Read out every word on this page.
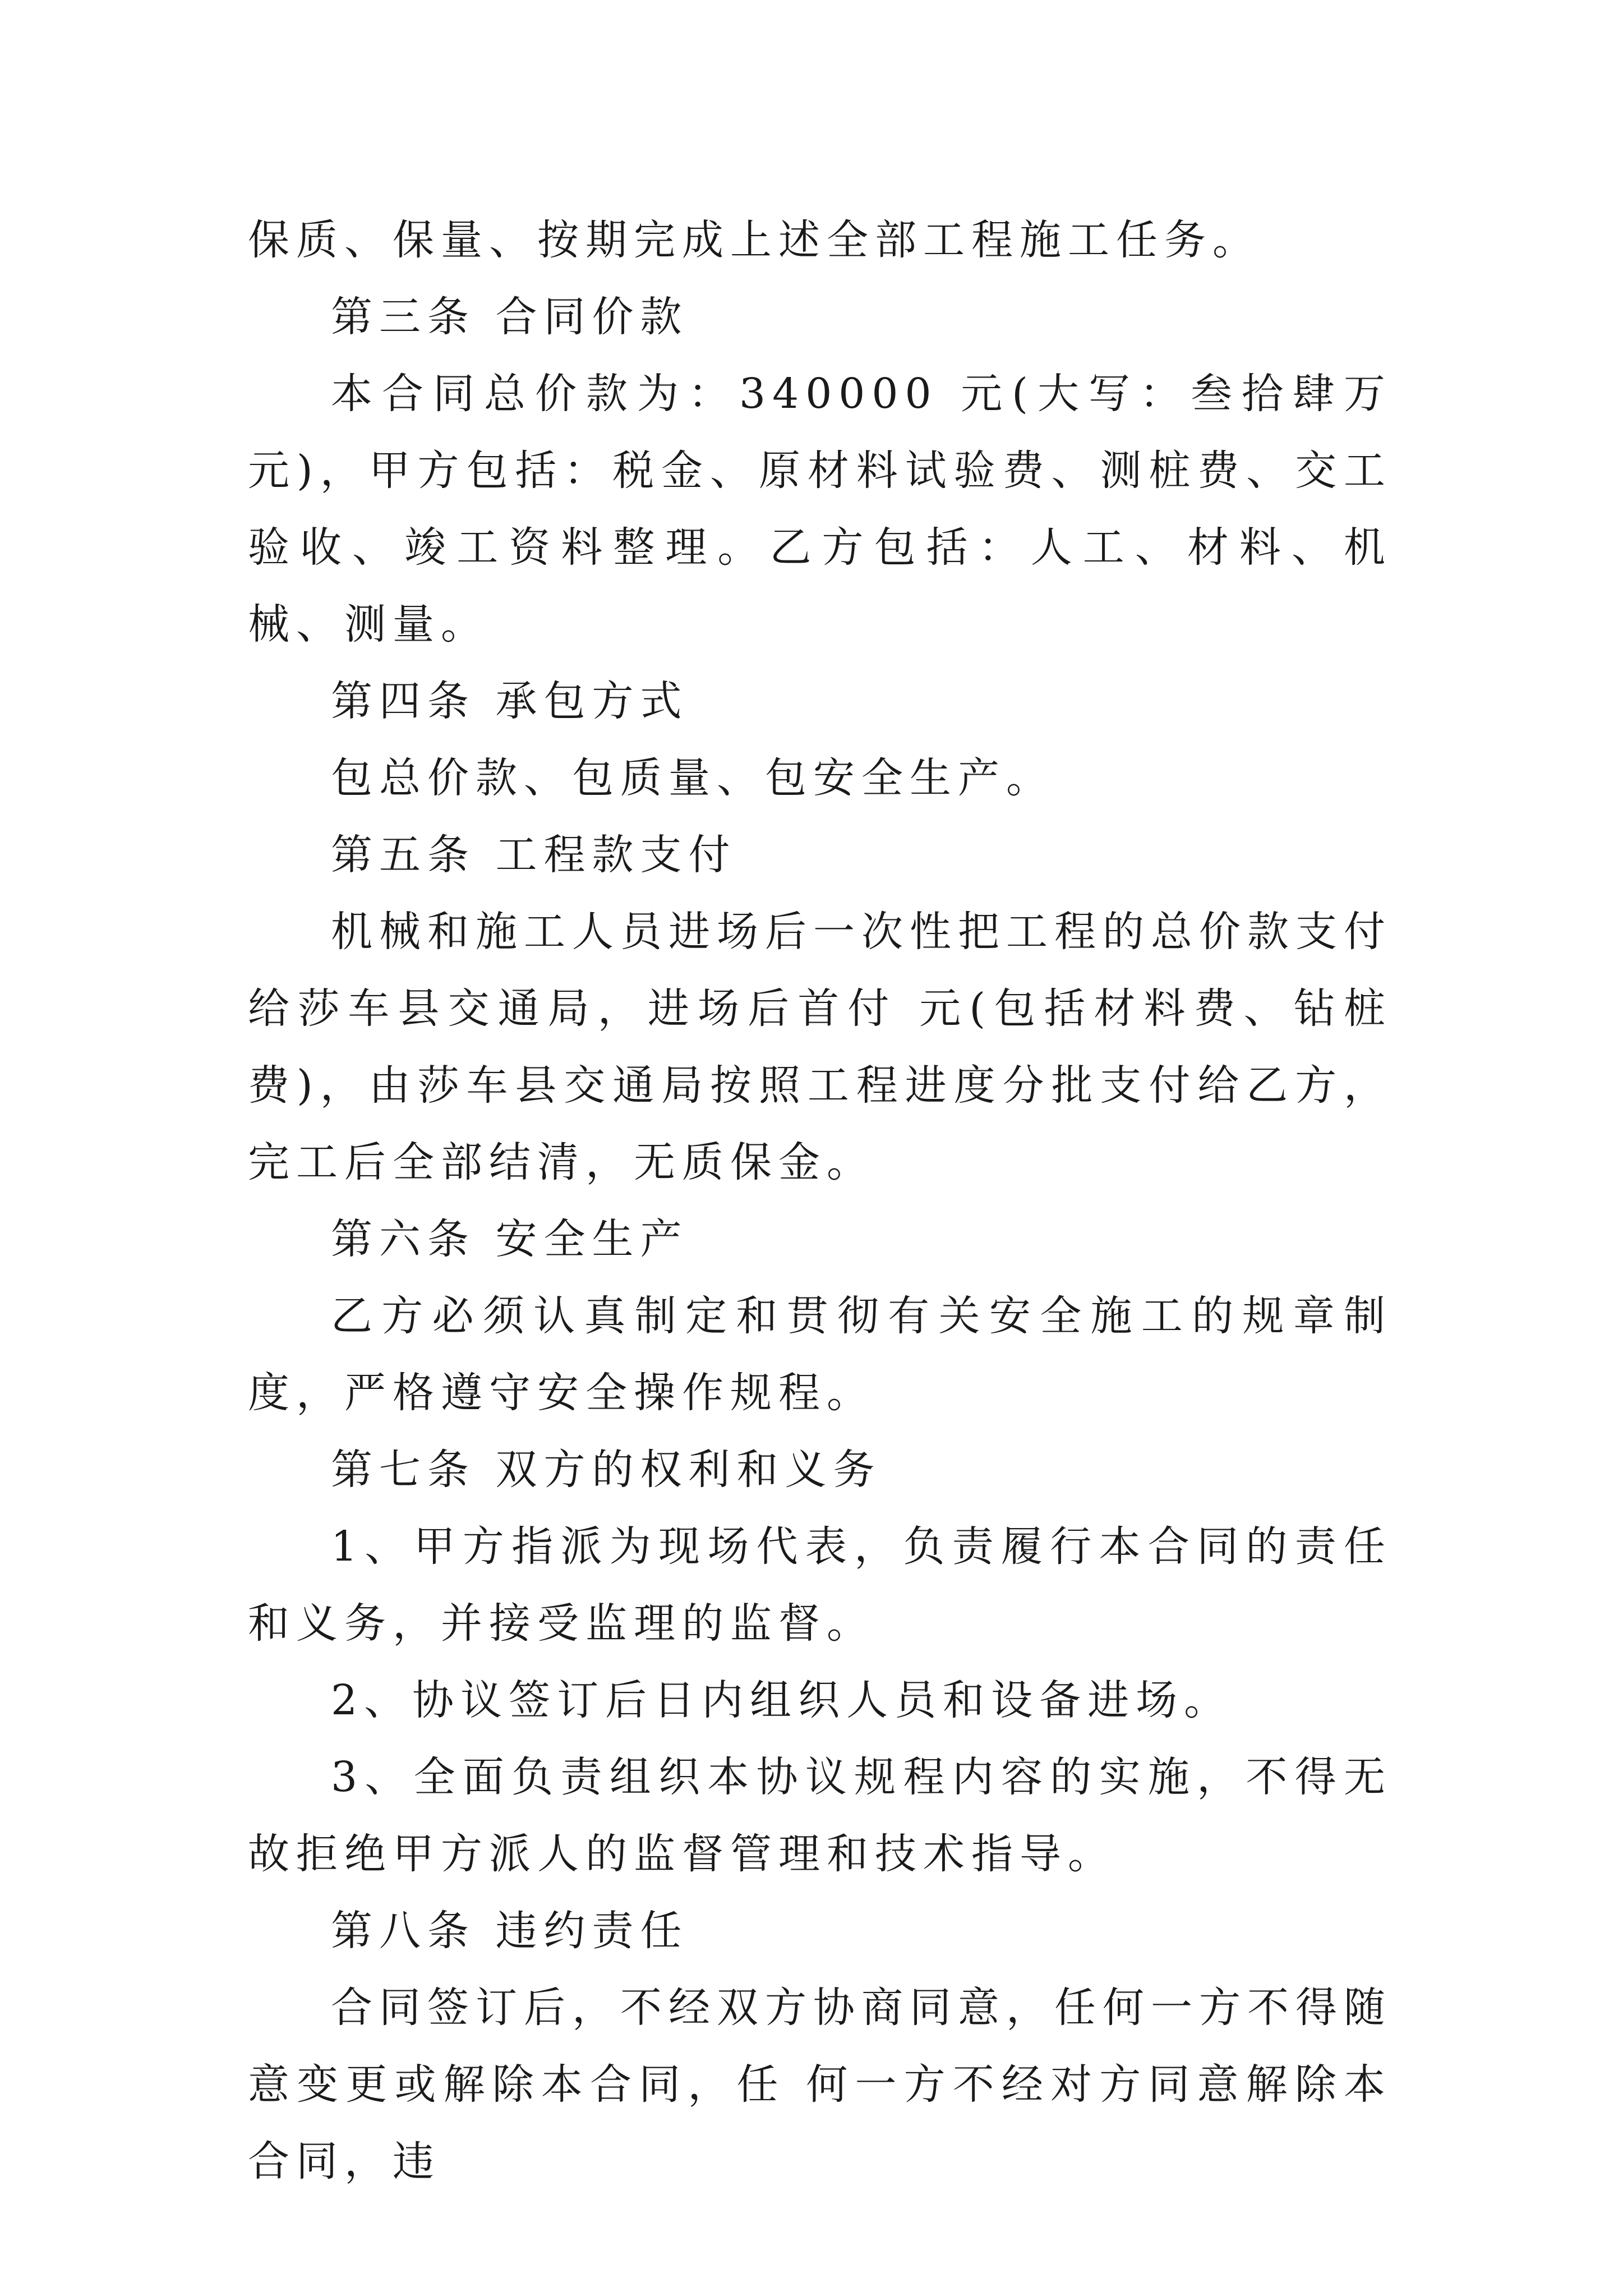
保质、保量、按期完成上述全部工程施工任务。

第三条 合同价款

本合同总价款为：340000 元(大写：叁拾肆万元)，甲方包括：税金、原材料试验费、测桩费、交工验收、竣工资料整理。乙方包括：人工、材料、机械、测量。

第四条 承包方式

包总价款、包质量、包安全生产。

第五条 工程款支付

机械和施工人员进场后一次性把工程的总价款支付给莎车县交通局，进场后首付 元(包括材料费、钻桩费)，由莎车县交通局按照工程进度分批支付给乙方，完工后全部结清，无质保金。

第六条 安全生产

乙方必须认真制定和贯彻有关安全施工的规章制度，严格遵守安全操作规程。

第七条 双方的权利和义务

1、甲方指派为现场代表，负责履行本合同的责任和义务，并接受监理的监督。

2、协议签订后日内组织人员和设备进场。

3、全面负责组织本协议规程内容的实施，不得无故拒绝甲方派人的监督管理和技术指导。

第八条 违约责任

合同签订后，不经双方协商同意，任何一方不得随意变更或解除本合同，任 何一方不经对方同意解除本合同，违
